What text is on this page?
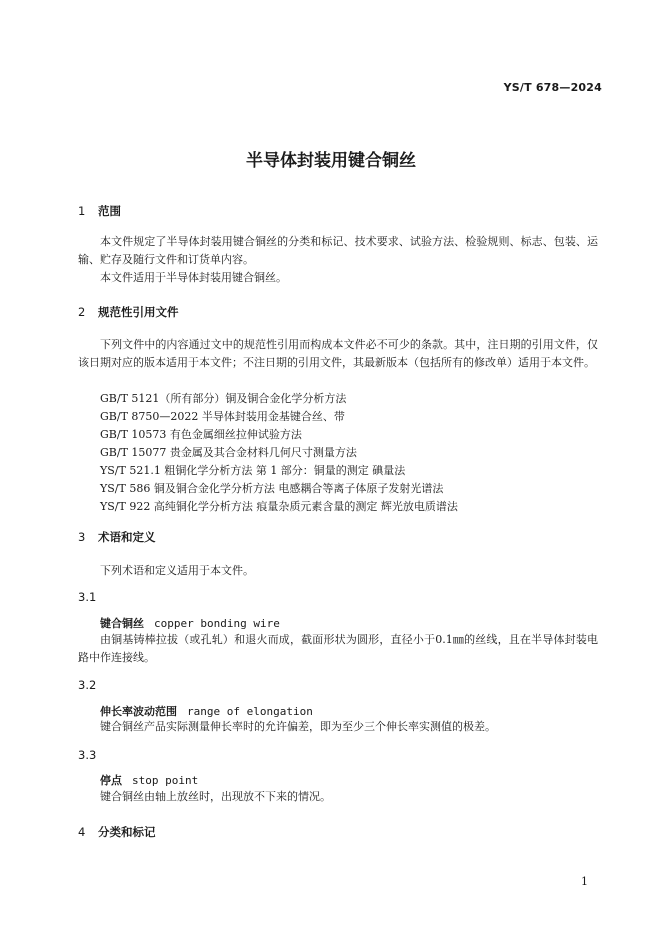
YS/T 678—2024
半导体封装用键合铜丝
1 范围
本文件规定了半导体封装用键合铜丝的分类和标记、技术要求、试验方法、检验规则、标志、包装、运输、贮存及随行文件和订货单内容。
本文件适用于半导体封装用键合铜丝。
2 规范性引用文件
下列文件中的内容通过文中的规范性引用而构成本文件必不可少的条款。其中，注日期的引用文件，仅该日期对应的版本适用于本文件；不注日期的引用文件，其最新版本（包括所有的修改单）适用于本文件。
GB/T 5121（所有部分）铜及铜合金化学分析方法
GB/T 8750—2022 半导体封装用金基键合丝、带
GB/T 10573 有色金属细丝拉伸试验方法
GB/T 15077 贵金属及其合金材料几何尺寸测量方法
YS/T 521.1 粗铜化学分析方法 第 1 部分：铜量的测定 碘量法
YS/T 586 铜及铜合金化学分析方法 电感耦合等离子体原子发射光谱法
YS/T 922 高纯铜化学分析方法 痕量杂质元素含量的测定 辉光放电质谱法
3 术语和定义
下列术语和定义适用于本文件。
3.1
键合铜丝 copper bonding wire
由铜基铸棒拉拔（或孔轧）和退火而成，截面形状为圆形，直径小于0.1㎜的丝线，且在半导体封装电路中作连接线。
3.2
伸长率波动范围 range of elongation
键合铜丝产品实际测量伸长率时的允许偏差，即为至少三个伸长率实测值的极差。
3.3
停点 stop point
键合铜丝由轴上放丝时，出现放不下来的情况。
4 分类和标记
1
